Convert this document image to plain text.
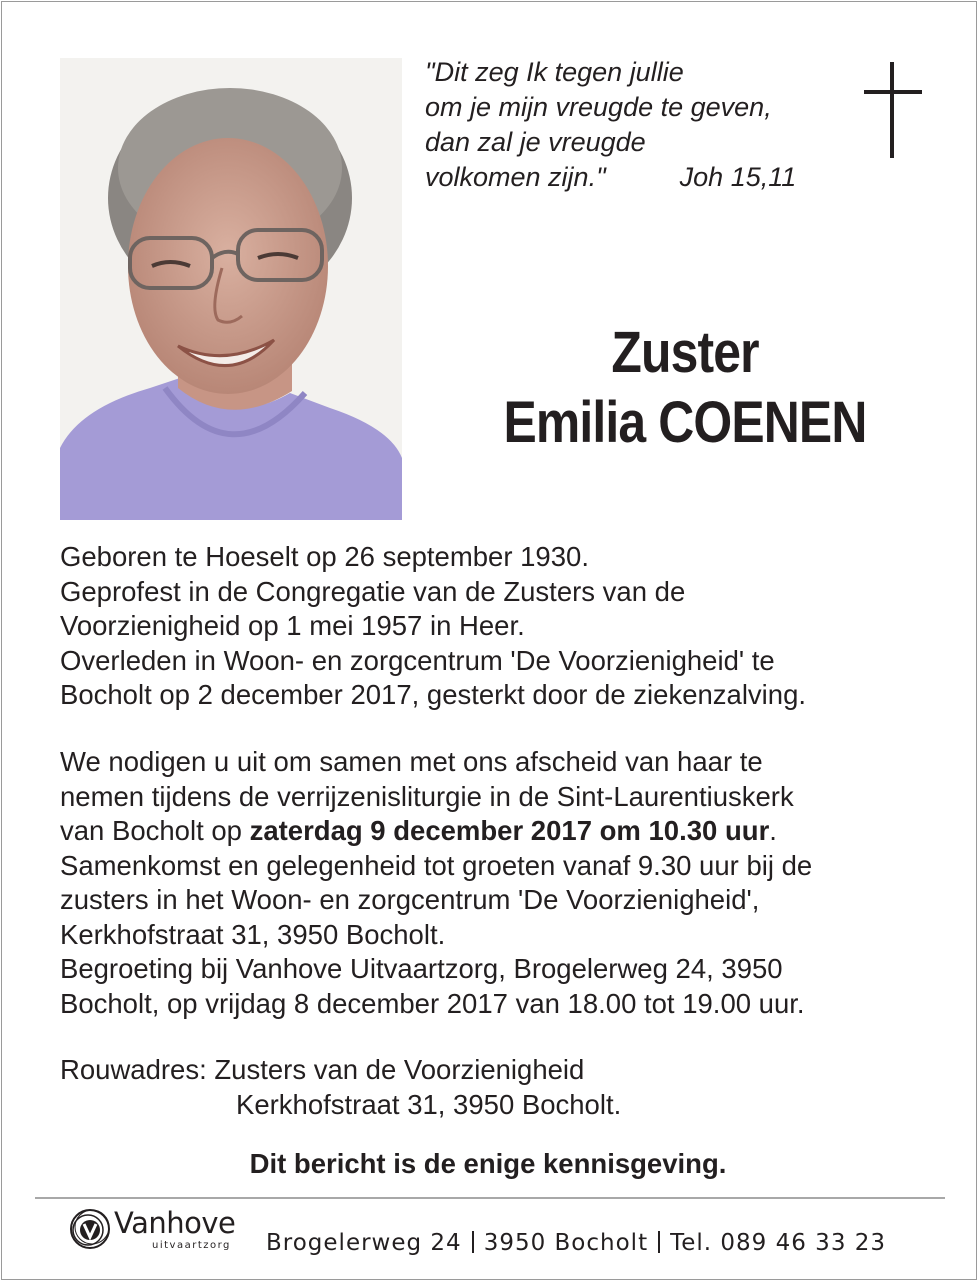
"Dit zeg Ik tegen jullie
om je mijn vreugde te geven,
dan zal je vreugde
volkomen zijn."	Joh 15,11
Zuster
Emilia COENEN
Geboren te Hoeselt op 26 september 1930.
Geprofest in de Congregatie van de Zusters van de
Voorzienigheid op 1 mei 1957 in Heer.
Overleden in Woon- en zorgcentrum 'De Voorzienigheid' te
Bocholt op 2 december 2017, gesterkt door de ziekenzalving.
We nodigen u uit om samen met ons afscheid van haar te
nemen tijdens de verrijzenisliturgie in de Sint-Laurentiuskerk
van Bocholt op zaterdag 9 december 2017 om 10.30 uur.
Samenkomst en gelegenheid tot groeten vanaf 9.30 uur bij de
zusters in het Woon- en zorgcentrum 'De Voorzienigheid',
Kerkhofstraat 31, 3950 Bocholt.
Begroeting bij Vanhove Uitvaartzorg, Brogelerweg 24, 3950
Bocholt, op vrijdag 8 december 2017 van 18.00 tot 19.00 uur.
Rouwadres: Zusters van de Voorzienigheid
Kerkhofstraat 31, 3950 Bocholt.
Dit bericht is de enige kennisgeving.
Vanhove
uitvaartzorg Brogelerweg 24 3950 Bocholt Tel. 089 46 33 23
